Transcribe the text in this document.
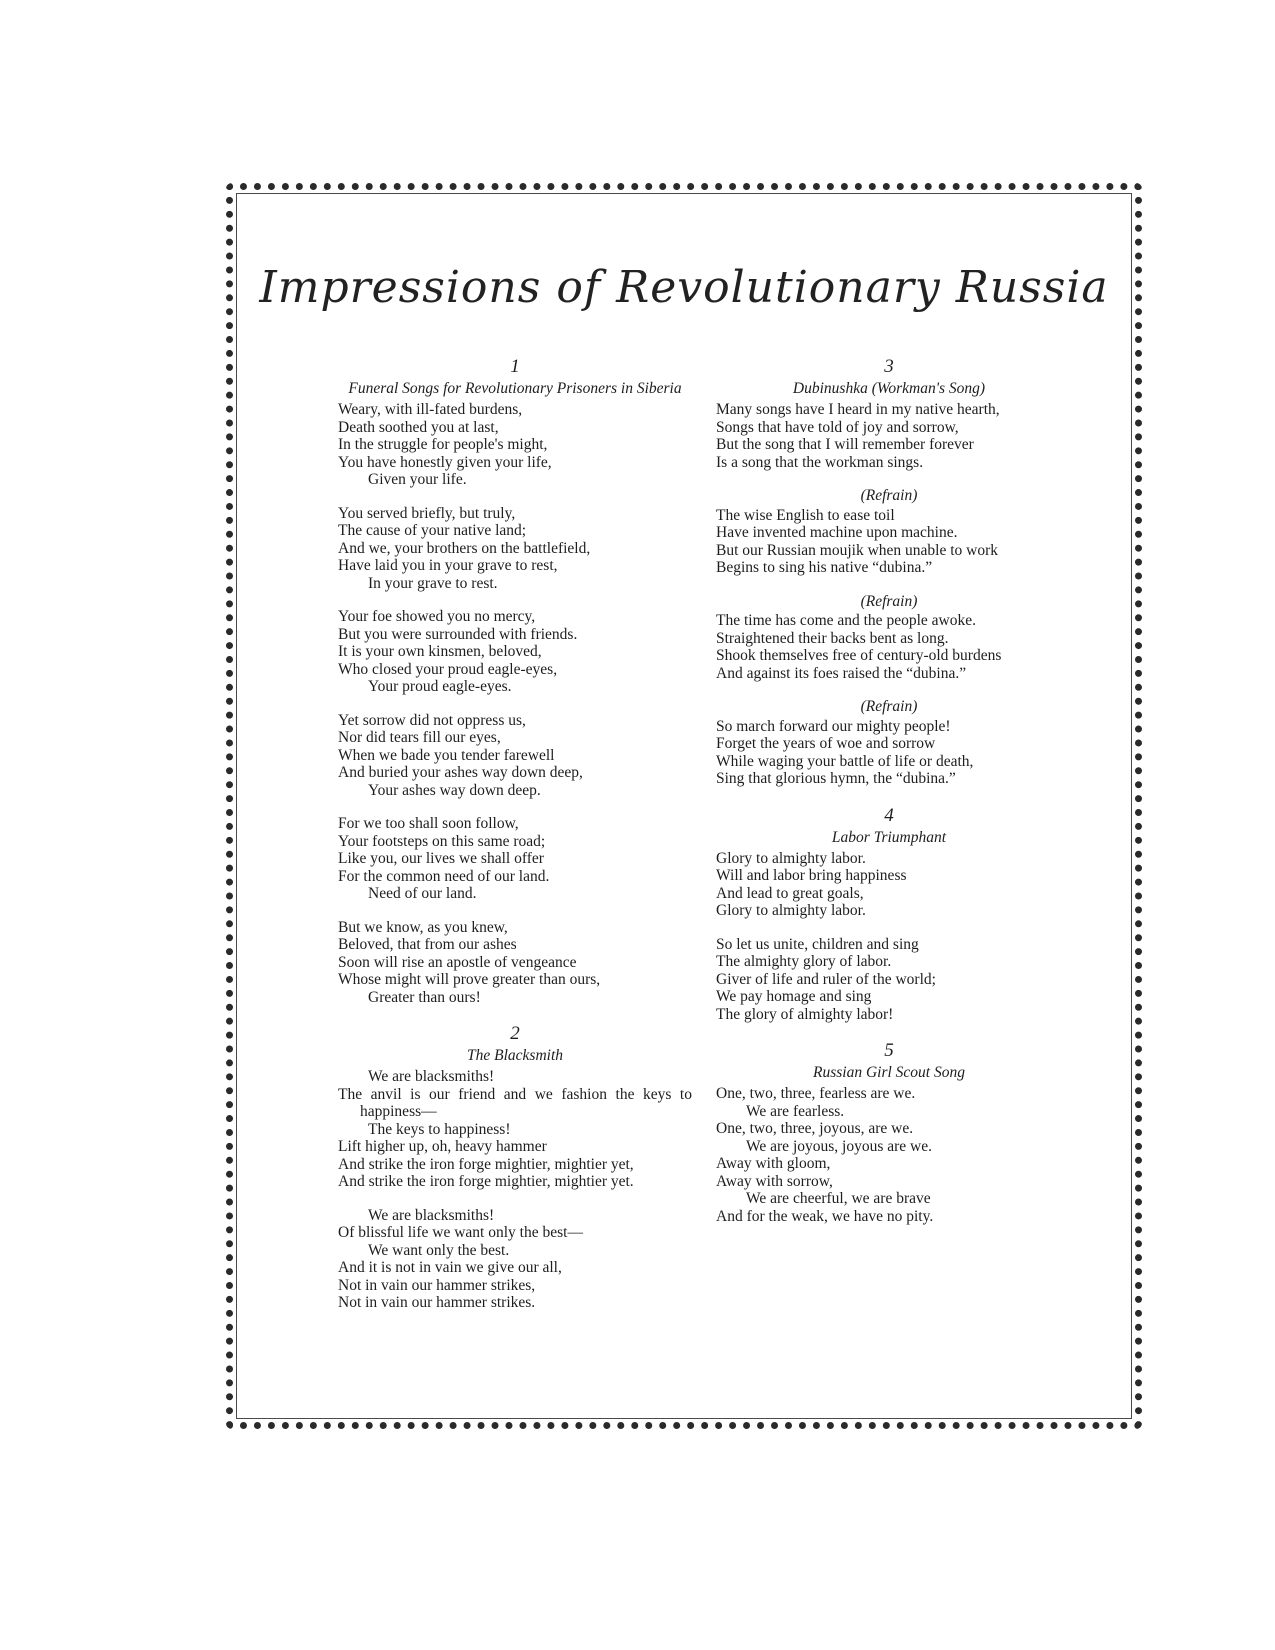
Impressions of Revolutionary Russia

1

Funeral Songs for Revolutionary Prisoners in Siberia

Weary, with ill-fated burdens,
Death soothed you at last,
In the struggle for people's might,
You have honestly given your life,
Given your life.
You served briefly, but truly,
The cause of your native land;
And we, your brothers on the battlefield,
Have laid you in your grave to rest,
In your grave to rest.
Your foe showed you no mercy,
But you were surrounded with friends.
It is your own kinsmen, beloved,
Who closed your proud eagle-eyes,
Your proud eagle-eyes.
Yet sorrow did not oppress us,
Nor did tears fill our eyes,
When we bade you tender farewell
And buried your ashes way down deep,
Your ashes way down deep.
For we too shall soon follow,
Your footsteps on this same road;
Like you, our lives we shall offer
For the common need of our land.
Need of our land.
But we know, as you knew,
Beloved, that from our ashes
Soon will rise an apostle of vengeance
Whose might will prove greater than ours,
Greater than ours!

2

The Blacksmith

We are blacksmiths!
The anvil is our friend and we fashion the keys to happiness—
The keys to happiness!
Lift higher up, oh, heavy hammer
And strike the iron forge mightier, mightier yet,
And strike the iron forge mightier, mightier yet.
We are blacksmiths!
Of blissful life we want only the best—
We want only the best.
And it is not in vain we give our all,
Not in vain our hammer strikes,
Not in vain our hammer strikes.

3

Dubinushka (Workman's Song)

Many songs have I heard in my native hearth,
Songs that have told of joy and sorrow,
But the song that I will remember forever
Is a song that the workman sings.

(Refrain)

The wise English to ease toil
Have invented machine upon machine.
But our Russian moujik when unable to work
Begins to sing his native “dubina.”

(Refrain)

The time has come and the people awoke.
Straightened their backs bent as long.
Shook themselves free of century-old burdens
And against its foes raised the “dubina.”

(Refrain)

So march forward our mighty people!
Forget the years of woe and sorrow
While waging your battle of life or death,
Sing that glorious hymn, the “dubina.”

4

Labor Triumphant

Glory to almighty labor.
Will and labor bring happiness
And lead to great goals,
Glory to almighty labor.
So let us unite, children and sing
The almighty glory of labor.
Giver of life and ruler of the world;
We pay homage and sing
The glory of almighty labor!

5

Russian Girl Scout Song

One, two, three, fearless are we.
We are fearless.
One, two, three, joyous, are we.
We are joyous, joyous are we.
Away with gloom,
Away with sorrow,
We are cheerful, we are brave
And for the weak, we have no pity.
